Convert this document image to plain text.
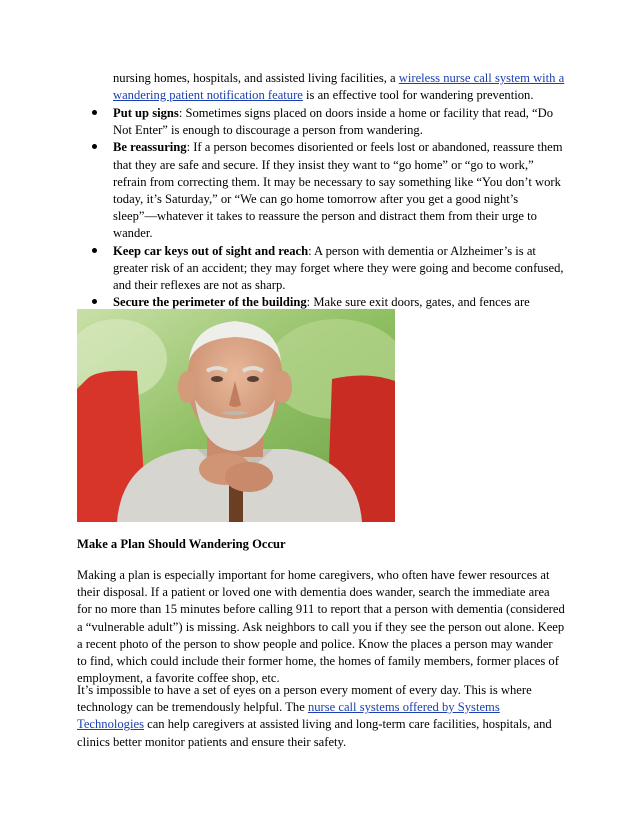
nursing homes, hospitals, and assisted living facilities, a wireless nurse call system with a wandering patient notification feature is an effective tool for wandering prevention.
Put up signs: Sometimes signs placed on doors inside a home or facility that read, “Do Not Enter” is enough to discourage a person from wandering.
Be reassuring: If a person becomes disoriented or feels lost or abandoned, reassure them that they are safe and secure. If they insist they want to “go home” or “go to work,” refrain from correcting them. It may be necessary to say something like “You don’t work today, it’s Saturday,” or “We can go home tomorrow after you get a good night’s sleep”—whatever it takes to reassure the person and distract them from their urge to wander.
Keep car keys out of sight and reach: A person with dementia or Alzheimer’s is at greater risk of an accident; they may forget where they were going and become confused, and their reflexes are not as sharp.
Secure the perimeter of the building: Make sure exit doors, gates, and fences are
Make a Plan Should Wandering Occur
Making a plan is especially important for home caregivers, who often have fewer resources at their disposal. If a patient or loved one with dementia does wander, search the immediate area for no more than 15 minutes before calling 911 to report that a person with dementia (considered a “vulnerable adult”) is missing. Ask neighbors to call you if they see the person out alone. Keep a recent photo of the person to show people and police. Know the places a person may wander to find, which could include their former home, the homes of family members, former places of employment, a favorite coffee shop, etc.
It’s impossible to have a set of eyes on a person every moment of every day. This is where technology can be tremendously helpful. The nurse call systems offered by Systems Technologies can help caregivers at assisted living and long-term care facilities, hospitals, and clinics better monitor patients and ensure their safety.
